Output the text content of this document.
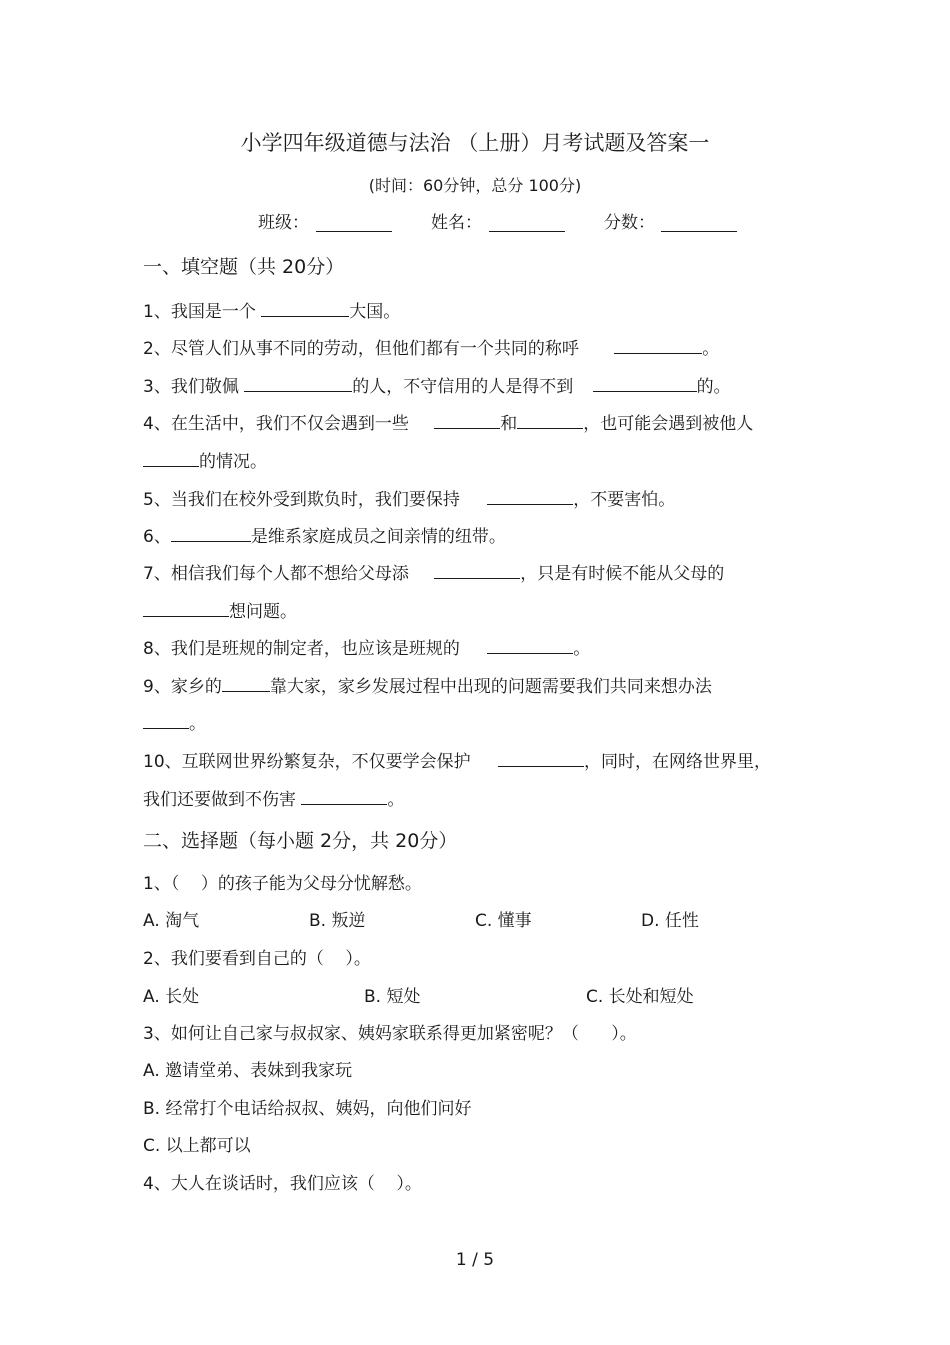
小学四年级道德与法治 （上册）月考试题及答案一
(时间：60分钟，总分 100分)
班级：	姓名：	分数：
一、填空题（共 20分）
1、我国是一个	大国。
2、尽管人们从事不同的劳动，但他们都有一个共同的称呼	。
3、我们敬佩	的人，不守信用的人是得不到	的。
4、在生活中，我们不仅会遇到一些	和	，也可能会遇到被他人
的情况。
5、当我们在校外受到欺负时，我们要保持	，不要害怕。
6、	是维系家庭成员之间亲情的纽带。
7、相信我们每个人都不想给父母添	，只是有时候不能从父母的
想问题。
8、我们是班规的制定者，也应该是班规的	。
9、家乡的	靠大家，家乡发展过程中出现的问题需要我们共同来想办法
。
10、互联网世界纷繁复杂，不仅要学会保护	，同时，在网络世界里，
我们还要做到不伤害	。
二、选择题（每小题 2分，共 20分）
1、（    ）的孩子能为父母分忧解愁。
A. 淘气	B. 叛逆	C. 懂事	D. 任性
2、我们要看到自己的（    ）。
A. 长处	B. 短处	C. 长处和短处
3、如何让自己家与叔叔家、姨妈家联系得更加紧密呢？（      ）。
A. 邀请堂弟、表妹到我家玩
B. 经常打个电话给叔叔、姨妈，向他们问好
C. 以上都可以
4、大人在谈话时，我们应该（    ）。
1 / 5
